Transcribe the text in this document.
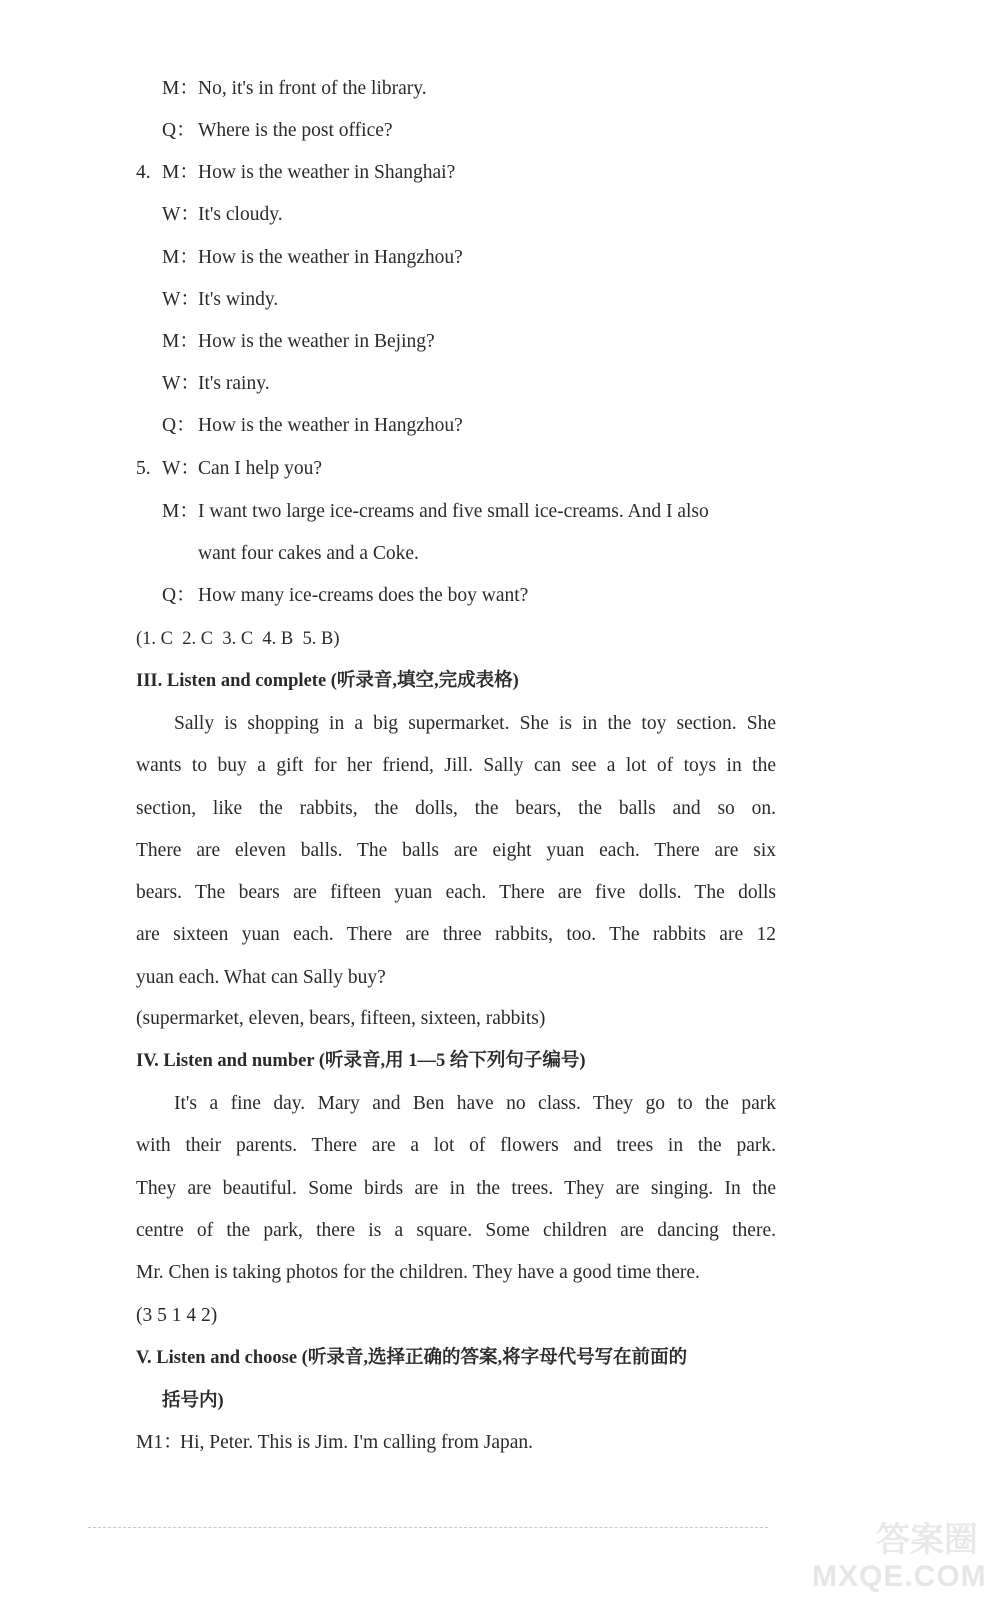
M：No, it's in front of the library.
Q： Where is the post office?
4. M：How is the weather in Shanghai?
W：It's cloudy.
M：How is the weather in Hangzhou?
W：It's windy.
M：How is the weather in Bejing?
W：It's rainy.
Q： How is the weather in Hangzhou?
5. W：Can I help you?
M：I want two large ice-creams and five small ice-creams. And I also
want four cakes and a Coke.
Q： How many ice-creams does the boy want?
(1. C  2. C  3. C  4. B  5. B)
III. Listen and complete (听录音,填空,完成表格)

Sally is shopping in a big supermarket. She is in the toy section. She

wants to buy a gift for her friend, Jill. Sally can see a lot of toys in the

section, like the rabbits, the dolls, the bears, the balls and so on.

There are eleven balls. The balls are eight yuan each. There are six

bears. The bears are fifteen yuan each. There are five dolls. The dolls

are sixteen yuan each. There are three rabbits, too. The rabbits are 12

yuan each. What can Sally buy?

(supermarket, eleven, bears, fifteen, sixteen, rabbits)
IV. Listen and number (听录音,用 1—5 给下列句子编号)

It's a fine day. Mary and Ben have no class. They go to the park

with their parents. There are a lot of flowers and trees in the park.

They are beautiful. Some birds are in the trees. They are singing. In the

centre of the park, there is a square. Some children are dancing there.

Mr. Chen is taking photos for the children. They have a good time there.

(3 5 1 4 2)
V. Listen and choose (听录音,选择正确的答案,将字母代号写在前面的
括号内)
M1：Hi, Peter. This is Jim. I'm calling from Japan.
答案圈
MXQE.COM
